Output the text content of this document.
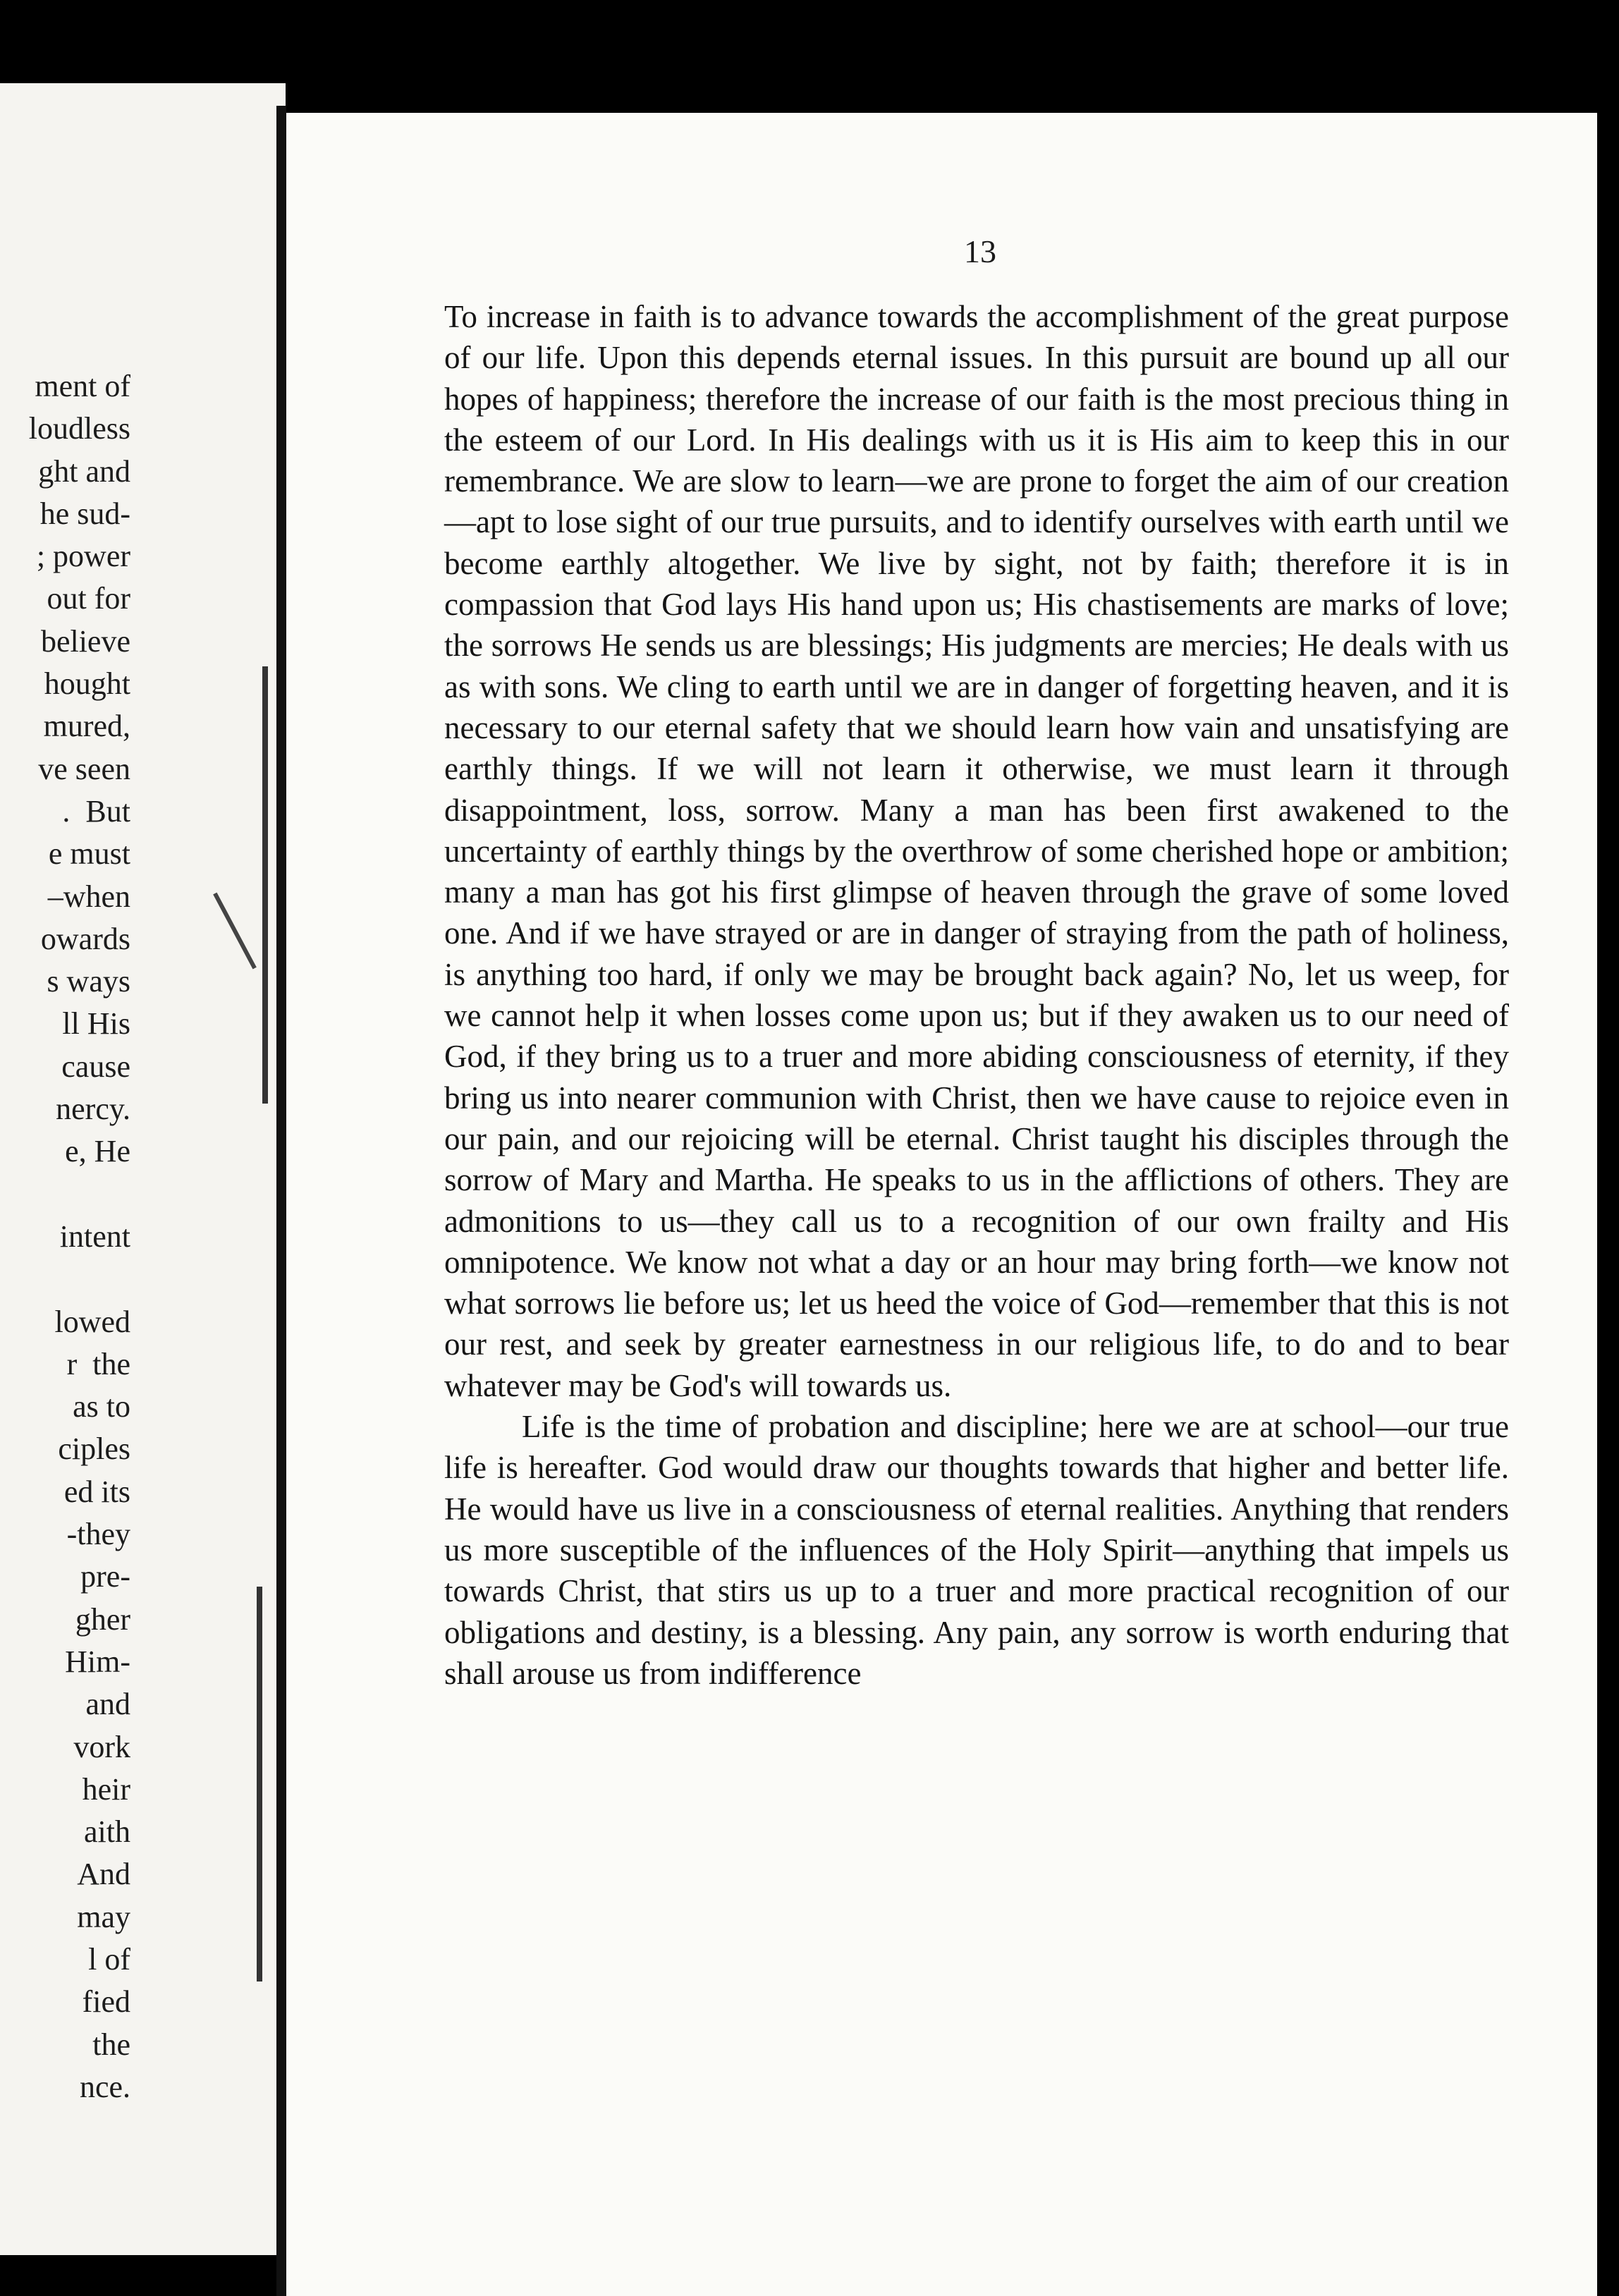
ment of
loudless
ght and
he sud-
; power
out for
believe
hought
mured,
ve seen
.  But
e must
–when
owards
s ways
ll His
cause
nercy.
e, He
intent
lowed
r  the
as to
ciples
ed its
-they
pre-
gher
Him-
and
vork
heir
aith
And
may
l of
fied
the
nce.
13

To increase in faith is to advance towards the accomplishment of the great purpose of our life. Upon this depends eternal issues. In this pursuit are bound up all our hopes of happiness; therefore the increase of our faith is the most precious thing in the esteem of our Lord. In His dealings with us it is His aim to keep this in our remembrance. We are slow to learn—we are prone to forget the aim of our creation—apt to lose sight of our true pursuits, and to identify ourselves with earth until we become earthly altogether. We live by sight, not by faith; therefore it is in compassion that God lays His hand upon us; His chastisements are marks of love; the sorrows He sends us are blessings; His judgments are mercies; He deals with us as with sons. We cling to earth until we are in danger of forgetting heaven, and it is necessary to our eternal safety that we should learn how vain and unsatisfying are earthly things. If we will not learn it otherwise, we must learn it through disappointment, loss, sorrow. Many a man has been first awakened to the uncertainty of earthly things by the overthrow of some cherished hope or ambition; many a man has got his first glimpse of heaven through the grave of some loved one. And if we have strayed or are in danger of straying from the path of holiness, is anything too hard, if only we may be brought back again? No, let us weep, for we cannot help it when losses come upon us; but if they awaken us to our need of God, if they bring us to a truer and more abiding consciousness of eternity, if they bring us into nearer communion with Christ, then we have cause to rejoice even in our pain, and our rejoicing will be eternal. Christ taught his disciples through the sorrow of Mary and Martha. He speaks to us in the afflictions of others. They are admonitions to us—they call us to a recognition of our own frailty and His omnipotence. We know not what a day or an hour may bring forth—we know not what sorrows lie before us; let us heed the voice of God—remember that this is not our rest, and seek by greater earnestness in our religious life, to do and to bear whatever may be God's will towards us.

Life is the time of probation and discipline; here we are at school—our true life is hereafter. God would draw our thoughts towards that higher and better life. He would have us live in a consciousness of eternal realities. Anything that renders us more susceptible of the influences of the Holy Spirit—anything that impels us towards Christ, that stirs us up to a truer and more practical recognition of our obligations and destiny, is a blessing. Any pain, any sorrow is worth enduring that shall arouse us from indifference
